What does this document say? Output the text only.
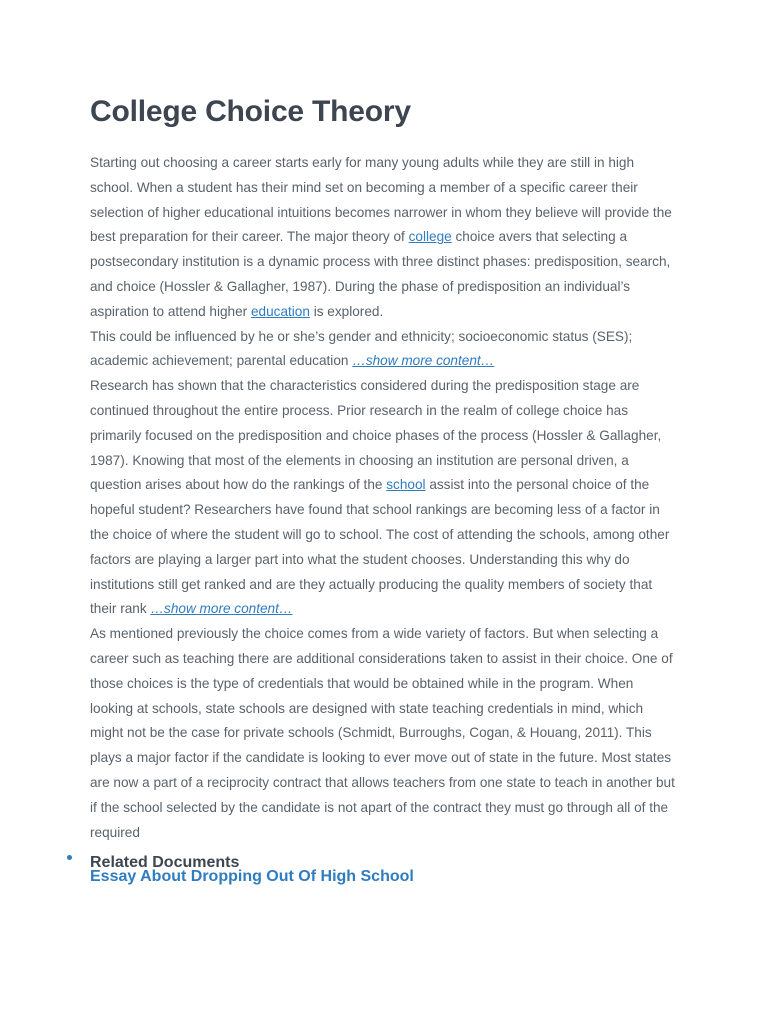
College Choice Theory

Starting out choosing a career starts early for many young adults while they are still in high school. When a student has their mind set on becoming a member of a specific career their selection of higher educational intuitions becomes narrower in whom they believe will provide the best preparation for their career. The major theory of college choice avers that selecting a postsecondary institution is a dynamic process with three distinct phases: predisposition, search, and choice (Hossler & Gallagher, 1987). During the phase of predisposition an individual’s aspiration to attend higher education is explored.

This could be influenced by he or she’s gender and ethnicity; socioeconomic status (SES); academic achievement; parental education …show more content…

Research has shown that the characteristics considered during the predisposition stage are continued throughout the entire process. Prior research in the realm of college choice has primarily focused on the predisposition and choice phases of the process (Hossler & Gallagher, 1987). Knowing that most of the elements in choosing an institution are personal driven, a question arises about how do the rankings of the school assist into the personal choice of the hopeful student? Researchers have found that school rankings are becoming less of a factor in the choice of where the student will go to school. The cost of attending the schools, among other factors are playing a larger part into what the student chooses. Understanding this why do institutions still get ranked and are they actually producing the quality members of society that their rank …show more content…

As mentioned previously the choice comes from a wide variety of factors. But when selecting a career such as teaching there are additional considerations taken to assist in their choice. One of those choices is the type of credentials that would be obtained while in the program. When looking at schools, state schools are designed with state teaching credentials in mind, which might not be the case for private schools (Schmidt, Burroughs, Cogan, & Houang, 2011). This plays a major factor if the candidate is looking to ever move out of state in the future. Most states are now a part of a reciprocity contract that allows teachers from one state to teach in another but if the school selected by the candidate is not apart of the contract they must go through all of the required

Related Documents
Essay About Dropping Out Of High School
